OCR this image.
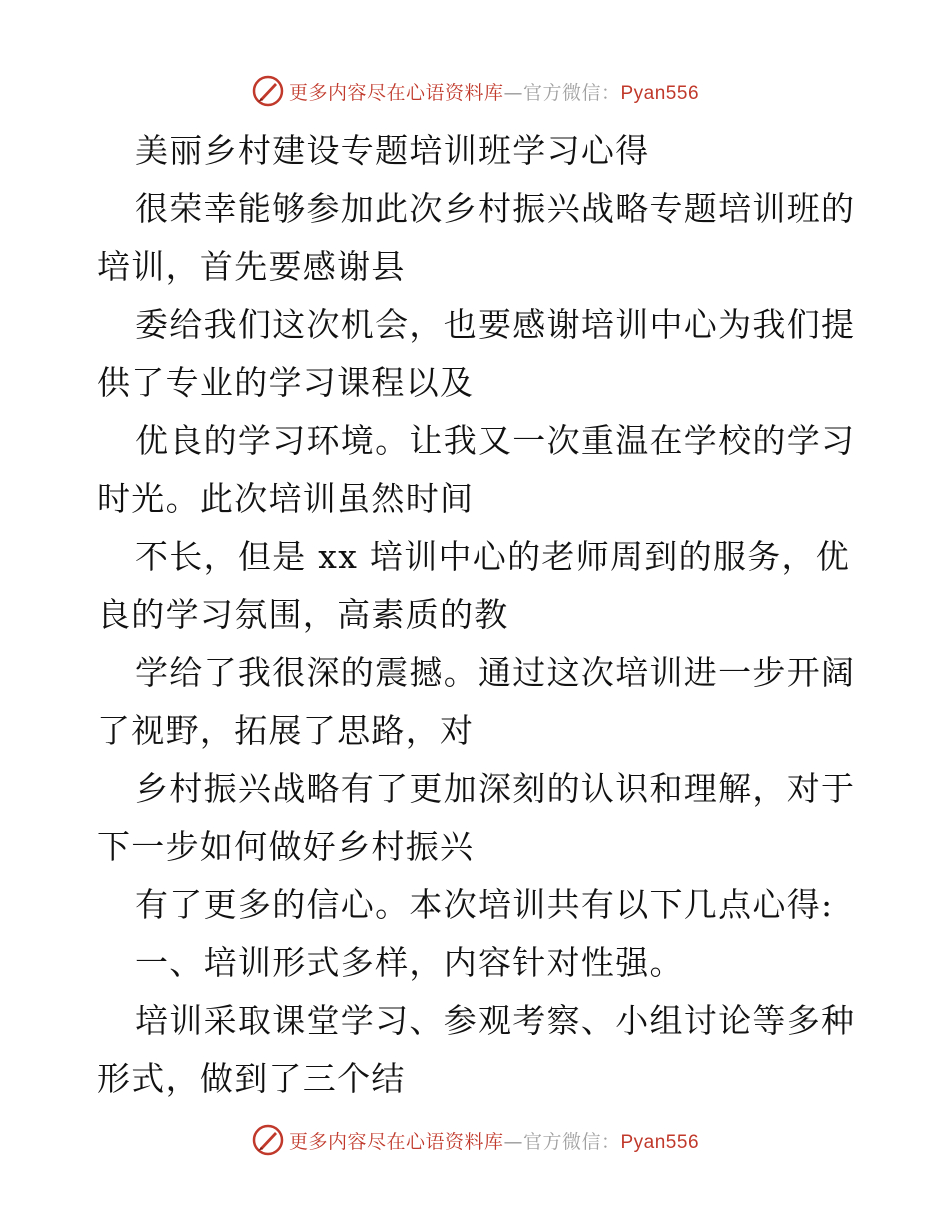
更多内容尽在心语资料库—官方微信：Pyan556
美丽乡村建设专题培训班学习心得
很荣幸能够参加此次乡村振兴战略专题培训班的
培训，首先要感谢县
委给我们这次机会，也要感谢培训中心为我们提
供了专业的学习课程以及
优良的学习环境。让我又一次重温在学校的学习
时光。此次培训虽然时间
不长，但是 xx 培训中心的老师周到的服务，优
良的学习氛围，高素质的教
学给了我很深的震撼。通过这次培训进一步开阔
了视野，拓展了思路，对
乡村振兴战略有了更加深刻的认识和理解，对于
下一步如何做好乡村振兴
有了更多的信心。本次培训共有以下几点心得:
一、培训形式多样，内容针对性强。
培训采取课堂学习、参观考察、小组讨论等多种
形式，做到了三个结
更多内容尽在心语资料库—官方微信：Pyan556
